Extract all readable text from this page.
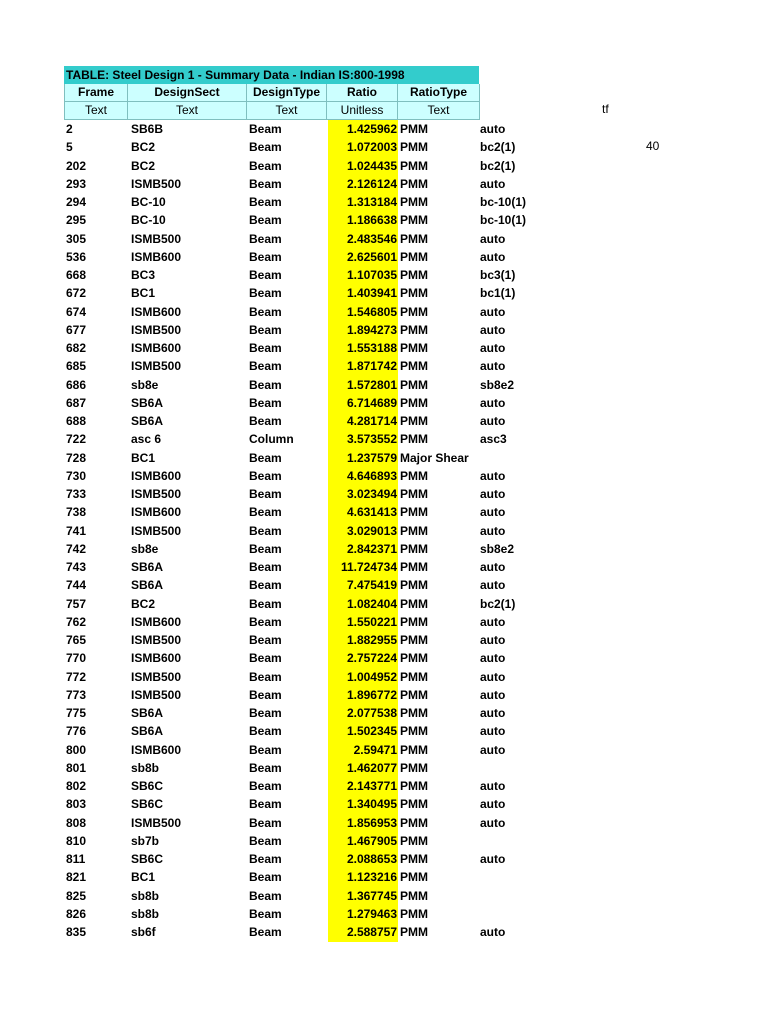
TABLE: Steel Design 1 - Summary Data - Indian IS:800-1998
Frame	DesignSect	DesignType	Ratio	RatioType
Text	Text	Text	Unitless	Text	tf
40
2	SB6B	Beam	1.425962 PMM	auto
5	BC2	Beam	1.072003 PMM	bc2(1)
202	BC2	Beam	1.024435 PMM	bc2(1)
293	ISMB500	Beam	2.126124 PMM	auto
294	BC-10	Beam	1.313184 PMM	bc-10(1)
295	BC-10	Beam	1.186638 PMM	bc-10(1)
305	ISMB500	Beam	2.483546 PMM	auto
536	ISMB600	Beam	2.625601 PMM	auto
668	BC3	Beam	1.107035 PMM	bc3(1)
672	BC1	Beam	1.403941 PMM	bc1(1)
674	ISMB600	Beam	1.546805 PMM	auto
677	ISMB500	Beam	1.894273 PMM	auto
682	ISMB600	Beam	1.553188 PMM	auto
685	ISMB500	Beam	1.871742 PMM	auto
686	sb8e	Beam	1.572801 PMM	sb8e2
687	SB6A	Beam	6.714689 PMM	auto
688	SB6A	Beam	4.281714 PMM	auto
722	asc 6	Column	3.573552 PMM	asc3
728	BC1	Beam	1.237579 Major Shear
730	ISMB600	Beam	4.646893 PMM	auto
733	ISMB500	Beam	3.023494 PMM	auto
738	ISMB600	Beam	4.631413 PMM	auto
741	ISMB500	Beam	3.029013 PMM	auto
742	sb8e	Beam	2.842371 PMM	sb8e2
743	SB6A	Beam	11.724734 PMM	auto
744	SB6A	Beam	7.475419 PMM	auto
757	BC2	Beam	1.082404 PMM	bc2(1)
762	ISMB600	Beam	1.550221 PMM	auto
765	ISMB500	Beam	1.882955 PMM	auto
770	ISMB600	Beam	2.757224 PMM	auto
772	ISMB500	Beam	1.004952 PMM	auto
773	ISMB500	Beam	1.896772 PMM	auto
775	SB6A	Beam	2.077538 PMM	auto
776	SB6A	Beam	1.502345 PMM	auto
800	ISMB600	Beam	2.59471 PMM	auto
801	sb8b	Beam	1.462077 PMM
802	SB6C	Beam	2.143771 PMM	auto
803	SB6C	Beam	1.340495 PMM	auto
808	ISMB500	Beam	1.856953 PMM	auto
810	sb7b	Beam	1.467905 PMM
811	SB6C	Beam	2.088653 PMM	auto
821	BC1	Beam	1.123216 PMM
825	sb8b	Beam	1.367745 PMM
826	sb8b	Beam	1.279463 PMM
835	sb6f	Beam	2.588757 PMM	auto
